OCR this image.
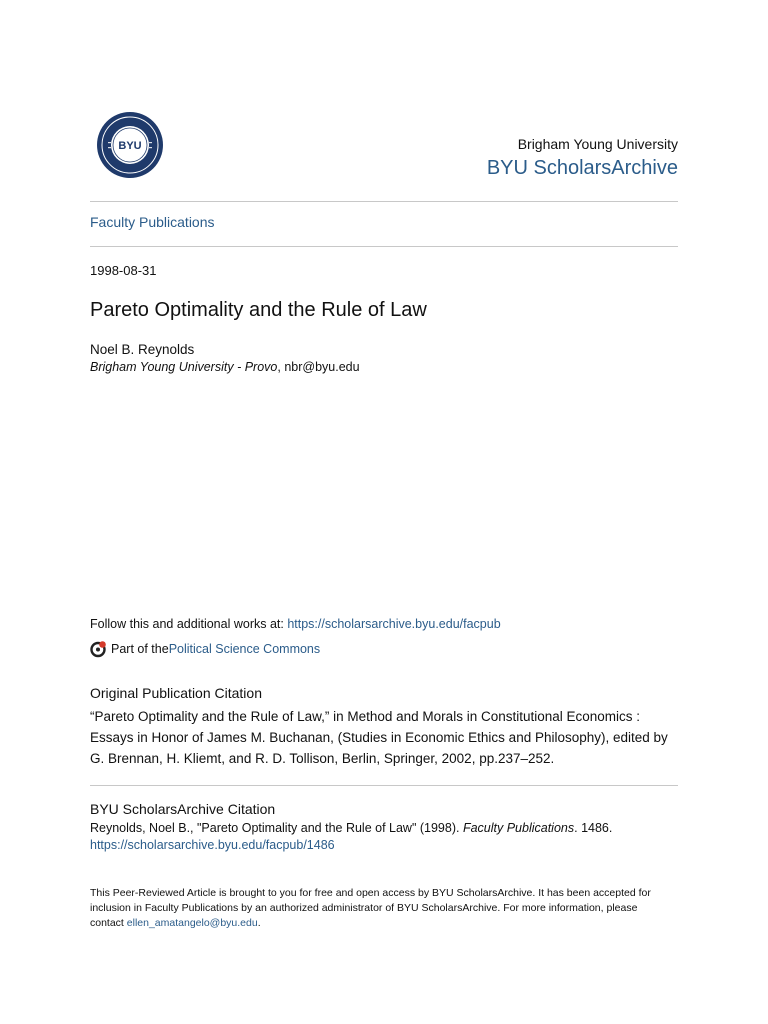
BYU	Brigham Young University
BYU ScholarsArchive
Faculty Publications
1998-08-31
Pareto Optimality and the Rule of Law
Noel B. Reynolds
Brigham Young University - Provo, nbr@byu.edu
Follow this and additional works at: https://scholarsarchive.byu.edu/facpub
Part of the Political Science Commons
Original Publication Citation
“Pareto Optimality and the Rule of Law,” in Method and Morals in Constitutional Economics : Essays in Honor of James M. Buchanan, (Studies in Economic Ethics and Philosophy), edited by G. Brennan, H. Kliemt, and R. D. Tollison, Berlin, Springer, 2002, pp.237–252.
BYU ScholarsArchive Citation
Reynolds, Noel B., "Pareto Optimality and the Rule of Law" (1998). Faculty Publications. 1486.
https://scholarsarchive.byu.edu/facpub/1486
This Peer-Reviewed Article is brought to you for free and open access by BYU ScholarsArchive. It has been accepted for inclusion in Faculty Publications by an authorized administrator of BYU ScholarsArchive. For more information, please contact ellen_amatangelo@byu.edu.
